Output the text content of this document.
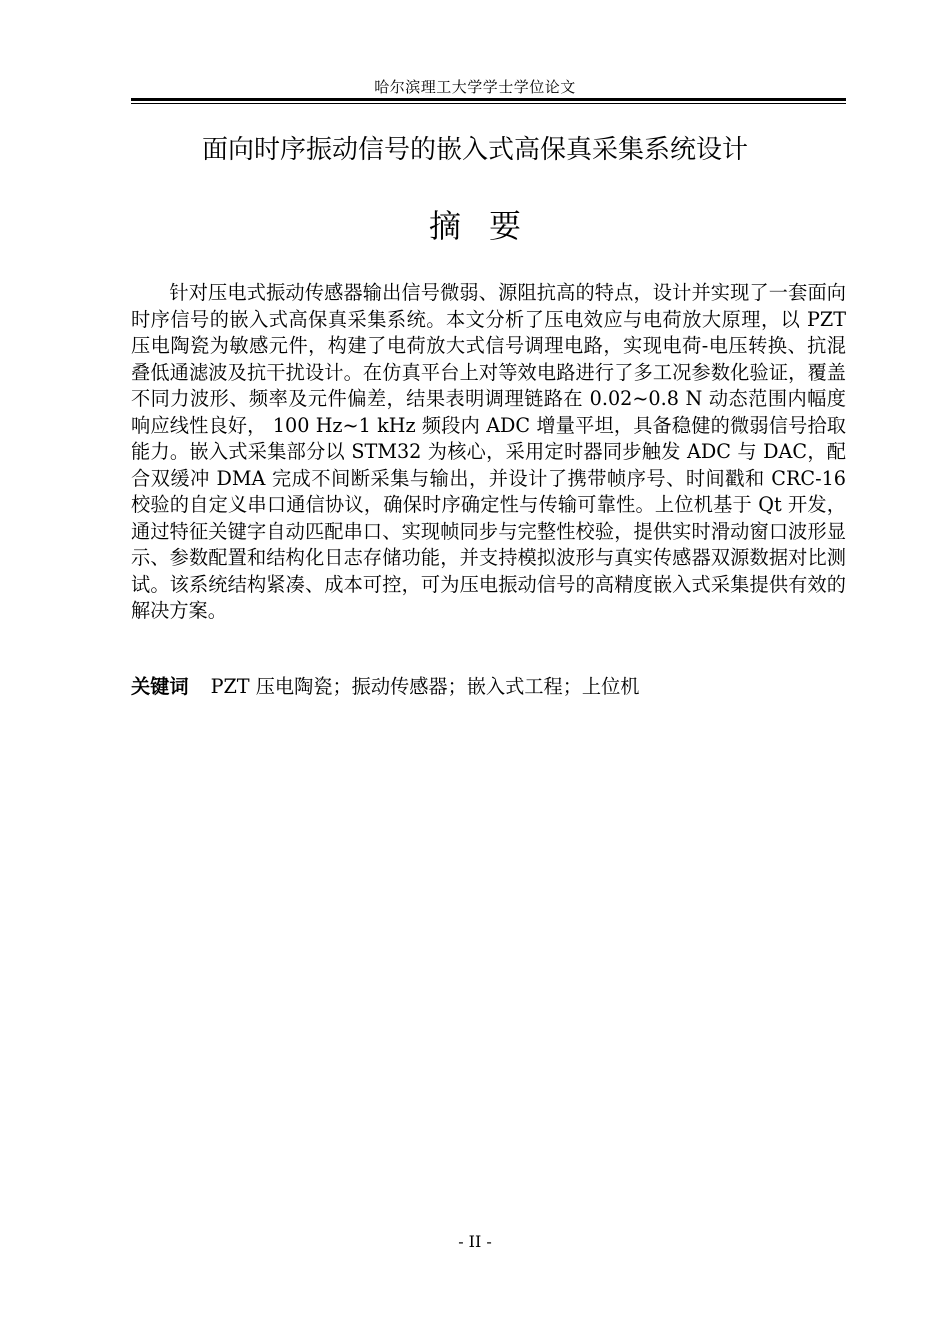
哈尔滨理工大学学士学位论文
面向时序振动信号的嵌入式高保真采集系统设计
摘要

针对压电式振动传感器输出信号微弱、源阻抗高的特点，设计并实现了一套面向时序信号的嵌入式高保真采集系统。本文分析了压电效应与电荷放大原理，以 PZT 压电陶瓷为敏感元件，构建了电荷放大式信号调理电路，实现电荷-电压转换、抗混叠低通滤波及抗干扰设计。在仿真平台上对等效电路进行了多工况参数化验证，覆盖不同力波形、频率及元件偏差，结果表明调理链路在 0.02~0.8 N 动态范围内幅度响应线性良好， 100 Hz~1 kHz 频段内 ADC 增量平坦，具备稳健的微弱信号拾取能力。嵌入式采集部分以 STM32 为核心，采用定时器同步触发 ADC 与 DAC，配合双缓冲 DMA 完成不间断采集与输出，并设计了携带帧序号、时间戳和 CRC-16 校验的自定义串口通信协议，确保时序确定性与传输可靠性。上位机基于 Qt 开发，通过特征关键字自动匹配串口、实现帧同步与完整性校验，提供实时滑动窗口波形显示、参数配置和结构化日志存储功能，并支持模拟波形与真实传感器双源数据对比测试。该系统结构紧凑、成本可控，可为压电振动信号的高精度嵌入式采集提供有效的解决方案。

关键词 PZT 压电陶瓷；振动传感器；嵌入式工程；上位机

- II -
